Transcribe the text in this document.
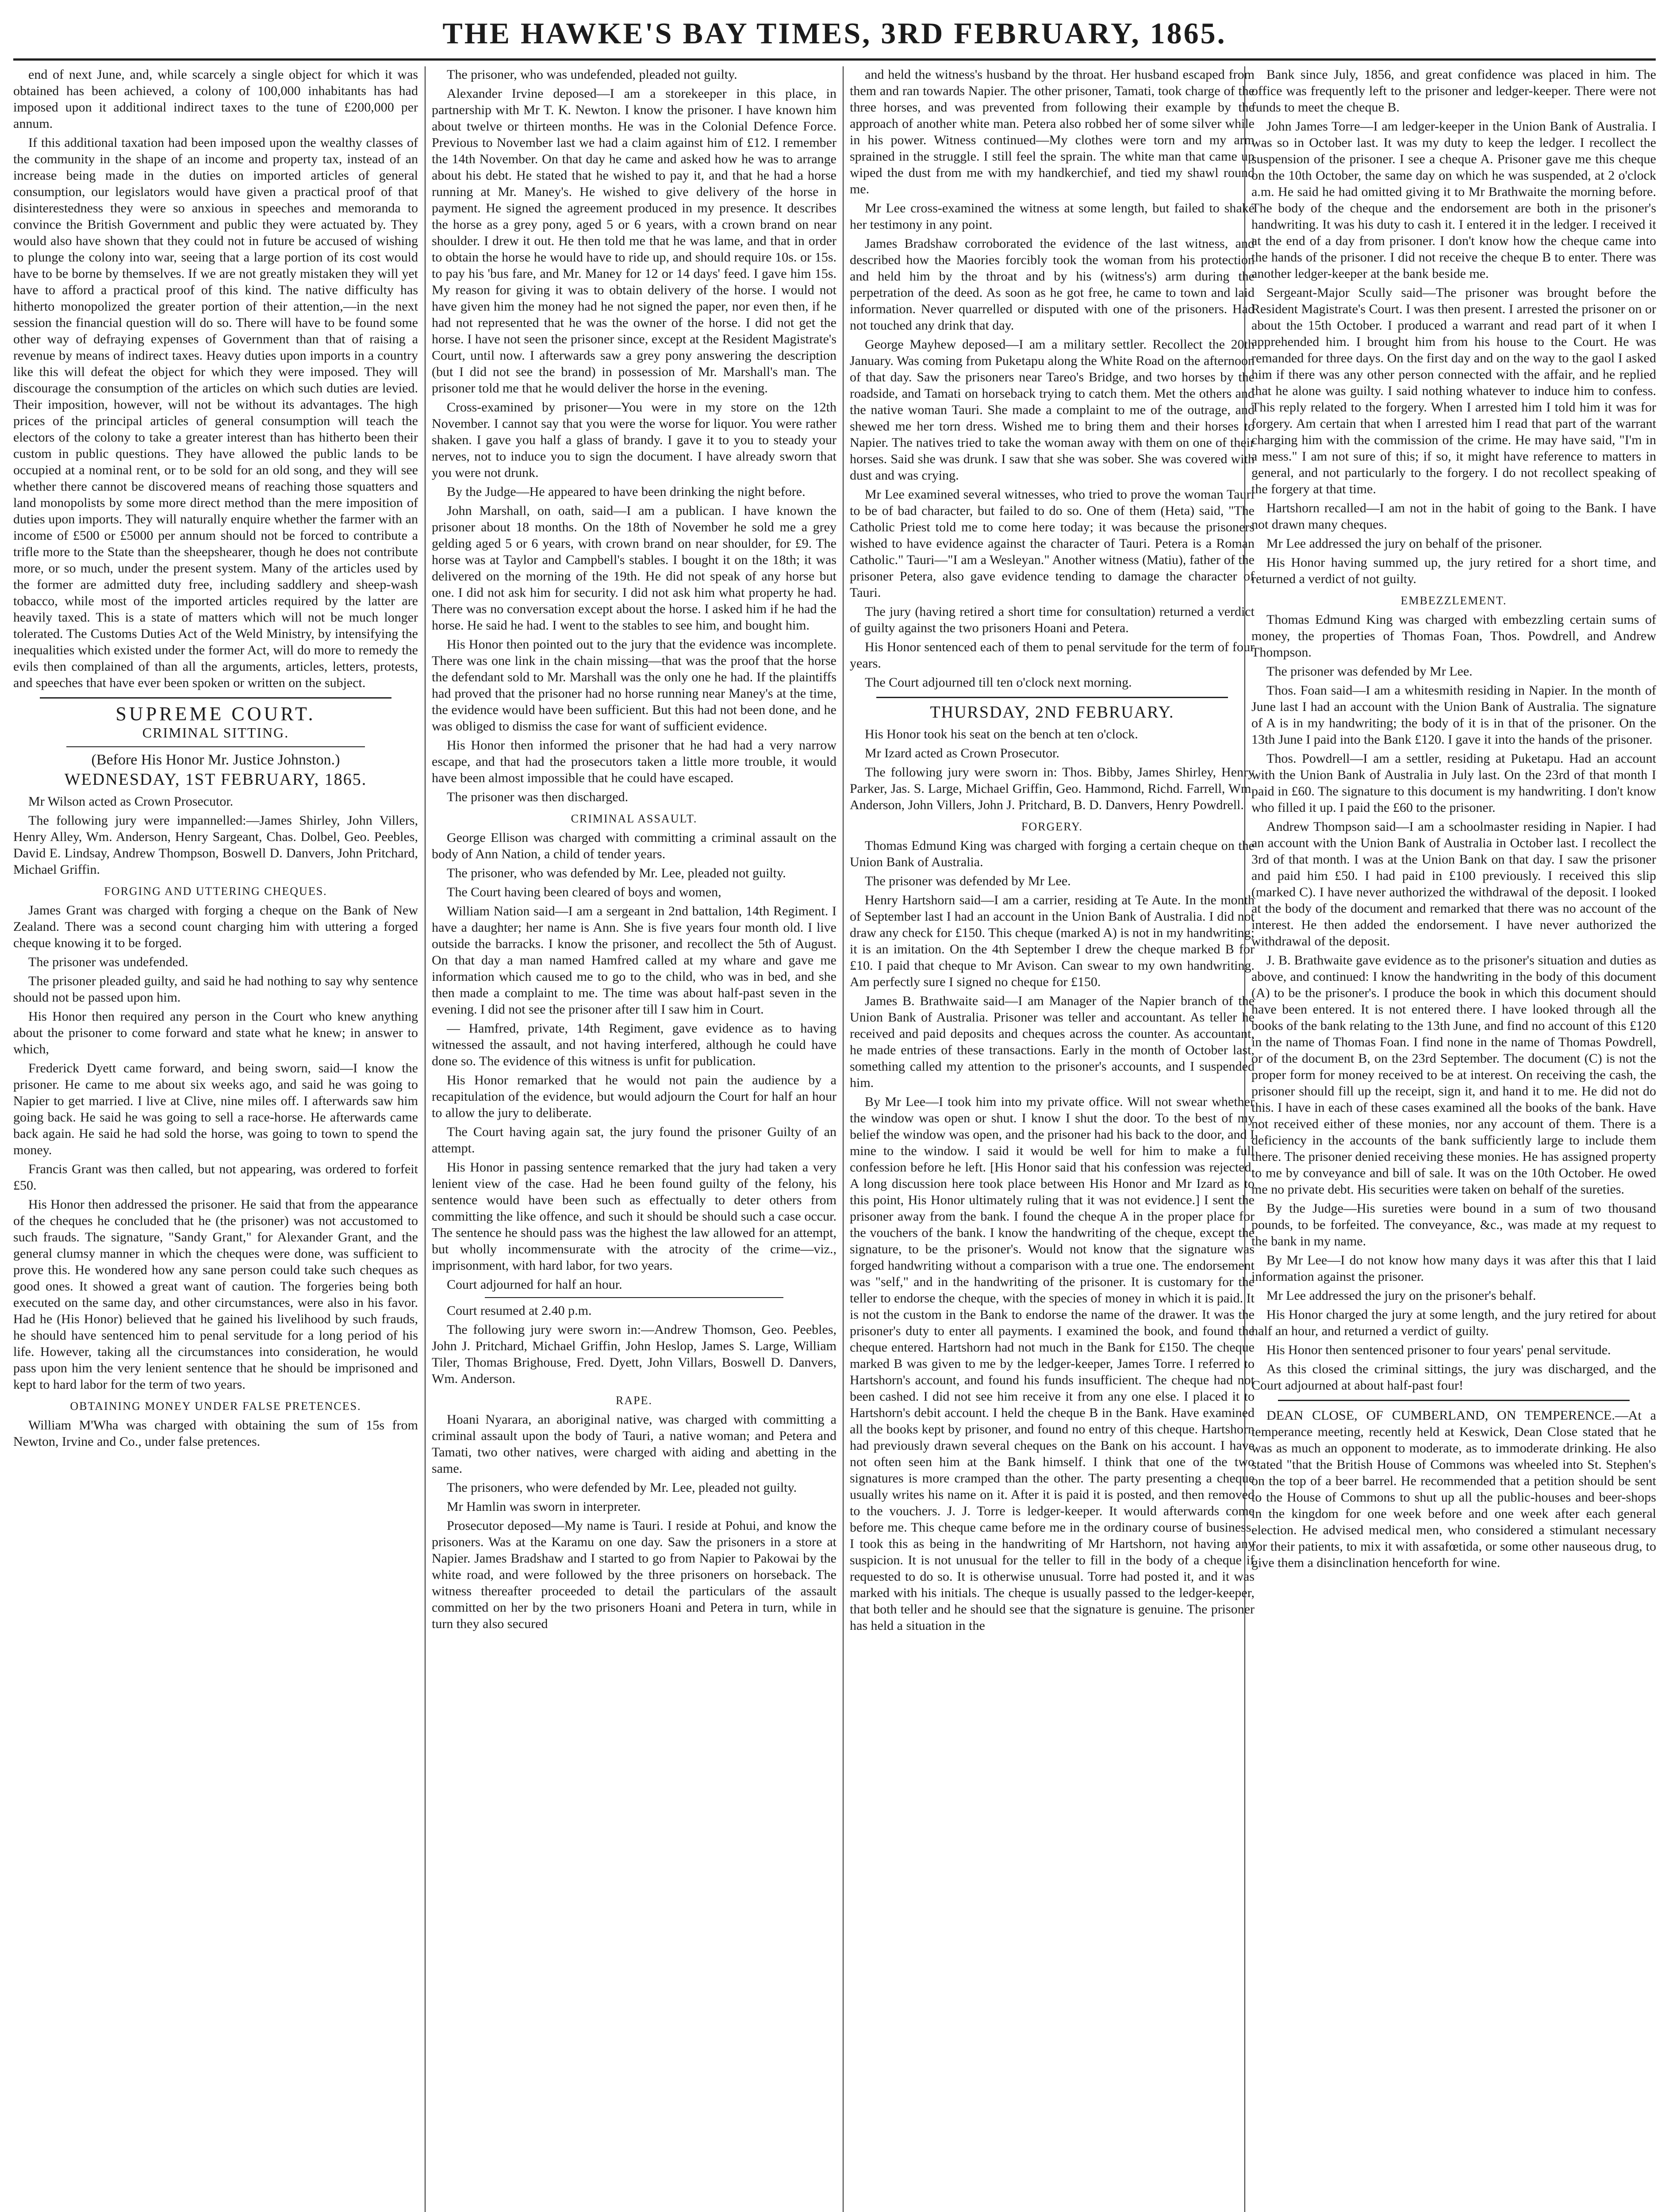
THE HAWKE'S BAY TIMES, 3RD FEBRUARY, 1865.

end of next June, and, while scarcely a single object for which it was obtained has been achieved, a colony of 100,000 inhabitants has had imposed upon it additional indirect taxes to the tune of £200,000 per annum.

If this additional taxation had been imposed upon the wealthy classes of the community in the shape of an income and property tax, instead of an increase being made in the duties on imported articles of general consumption, our legislators would have given a practical proof of that disinterestedness they were so anxious in speeches and memoranda to convince the British Government and public they were actuated by. They would also have shown that they could not in future be accused of wishing to plunge the colony into war, seeing that a large portion of its cost would have to be borne by themselves. If we are not greatly mistaken they will yet have to afford a practical proof of this kind. The native difficulty has hitherto monopolized the greater portion of their attention,—in the next session the financial question will do so. There will have to be found some other way of defraying expenses of Government than that of raising a revenue by means of indirect taxes. Heavy duties upon imports in a country like this will defeat the object for which they were imposed. They will discourage the consumption of the articles on which such duties are levied. Their imposition, however, will not be without its advantages. The high prices of the principal articles of general consumption will teach the electors of the colony to take a greater interest than has hitherto been their custom in public questions. They have allowed the public lands to be occupied at a nominal rent, or to be sold for an old song, and they will see whether there cannot be discovered means of reaching those squatters and land monopolists by some more direct method than the mere imposition of duties upon imports. They will naturally enquire whether the farmer with an income of £500 or £5000 per annum should not be forced to contribute a trifle more to the State than the sheepshearer, though he does not contribute more, or so much, under the present system. Many of the articles used by the former are admitted duty free, including saddlery and sheep-wash tobacco, while most of the imported articles required by the latter are heavily taxed. This is a state of matters which will not be much longer tolerated. The Customs Duties Act of the Weld Ministry, by intensifying the inequalities which existed under the former Act, will do more to remedy the evils then complained of than all the arguments, articles, letters, protests, and speeches that have ever been spoken or written on the subject.

SUPREME COURT.
CRIMINAL SITTING.
(Before His Honor Mr. Justice Johnston.)
WEDNESDAY, 1ST FEBRUARY, 1865.

Mr Wilson acted as Crown Prosecutor.

The following jury were impannelled:—James Shirley, John Villers, Henry Alley, Wm. Anderson, Henry Sargeant, Chas. Dolbel, Geo. Peebles, David E. Lindsay, Andrew Thompson, Boswell D. Danvers, John Pritchard, Michael Griffin.

FORGING AND UTTERING CHEQUES.

James Grant was charged with forging a cheque on the Bank of New Zealand. There was a second count charging him with uttering a forged cheque knowing it to be forged.

The prisoner was undefended.

The prisoner pleaded guilty, and said he had nothing to say why sentence should not be passed upon him.

His Honor then required any person in the Court who knew anything about the prisoner to come forward and state what he knew; in answer to which,

Frederick Dyett came forward, and being sworn, said—I know the prisoner. He came to me about six weeks ago, and said he was going to Napier to get married. I live at Clive, nine miles off. I afterwards saw him going back. He said he was going to sell a race-horse. He afterwards came back again. He said he had sold the horse, was going to town to spend the money.

Francis Grant was then called, but not appearing, was ordered to forfeit £50.

His Honor then addressed the prisoner. He said that from the appearance of the cheques he concluded that he (the prisoner) was not accustomed to such frauds. The signature, "Sandy Grant," for Alexander Grant, and the general clumsy manner in which the cheques were done, was sufficient to prove this. He wondered how any sane person could take such cheques as good ones. It showed a great want of caution. The forgeries being both executed on the same day, and other circumstances, were also in his favor. Had he (His Honor) believed that he gained his livelihood by such frauds, he should have sentenced him to penal servitude for a long period of his life. However, taking all the circumstances into consideration, he would pass upon him the very lenient sentence that he should be imprisoned and kept to hard labor for the term of two years.

OBTAINING MONEY UNDER FALSE PRETENCES.

William M'Wha was charged with obtaining the sum of 15s from Newton, Irvine and Co., under false pretences.

The prisoner, who was undefended, pleaded not guilty.

Alexander Irvine deposed—I am a storekeeper in this place, in partnership with Mr T. K. Newton. I know the prisoner. I have known him about twelve or thirteen months. He was in the Colonial Defence Force. Previous to November last we had a claim against him of £12. I remember the 14th November. On that day he came and asked how he was to arrange about his debt. He stated that he wished to pay it, and that he had a horse running at Mr. Maney's. He wished to give delivery of the horse in payment. He signed the agreement produced in my presence. It describes the horse as a grey pony, aged 5 or 6 years, with a crown brand on near shoulder. I drew it out. He then told me that he was lame, and that in order to obtain the horse he would have to ride up, and should require 10s. or 15s. to pay his 'bus fare, and Mr. Maney for 12 or 14 days' feed. I gave him 15s. My reason for giving it was to obtain delivery of the horse. I would not have given him the money had he not signed the paper, nor even then, if he had not represented that he was the owner of the horse. I did not get the horse. I have not seen the prisoner since, except at the Resident Magistrate's Court, until now. I afterwards saw a grey pony answering the description (but I did not see the brand) in possession of Mr. Marshall's man. The prisoner told me that he would deliver the horse in the evening.

Cross-examined by prisoner—You were in my store on the 12th November. I cannot say that you were the worse for liquor. You were rather shaken. I gave you half a glass of brandy. I gave it to you to steady your nerves, not to induce you to sign the document. I have already sworn that you were not drunk.

By the Judge—He appeared to have been drinking the night before.

John Marshall, on oath, said—I am a publican. I have known the prisoner about 18 months. On the 18th of November he sold me a grey gelding aged 5 or 6 years, with crown brand on near shoulder, for £9. The horse was at Taylor and Campbell's stables. I bought it on the 18th; it was delivered on the morning of the 19th. He did not speak of any horse but one. I did not ask him for security. I did not ask him what property he had. There was no conversation except about the horse. I asked him if he had the horse. He said he had. I went to the stables to see him, and bought him.

His Honor then pointed out to the jury that the evidence was incomplete. There was one link in the chain missing—that was the proof that the horse the defendant sold to Mr. Marshall was the only one he had. If the plaintiffs had proved that the prisoner had no horse running near Maney's at the time, the evidence would have been sufficient. But this had not been done, and he was obliged to dismiss the case for want of sufficient evidence.

His Honor then informed the prisoner that he had had a very narrow escape, and that had the prosecutors taken a little more trouble, it would have been almost impossible that he could have escaped.

The prisoner was then discharged.

CRIMINAL ASSAULT.

George Ellison was charged with committing a criminal assault on the body of Ann Nation, a child of tender years.

The prisoner, who was defended by Mr. Lee, pleaded not guilty.

The Court having been cleared of boys and women,

William Nation said—I am a sergeant in 2nd battalion, 14th Regiment. I have a daughter; her name is Ann. She is five years four month old. I live outside the barracks. I know the prisoner, and recollect the 5th of August. On that day a man named Hamfred called at my whare and gave me information which caused me to go to the child, who was in bed, and she then made a complaint to me. The time was about half-past seven in the evening. I did not see the prisoner after till I saw him in Court.

— Hamfred, private, 14th Regiment, gave evidence as to having witnessed the assault, and not having interfered, although he could have done so. The evidence of this witness is unfit for publication.

His Honor remarked that he would not pain the audience by a recapitulation of the evidence, but would adjourn the Court for half an hour to allow the jury to deliberate.

The Court having again sat, the jury found the prisoner Guilty of an attempt.

His Honor in passing sentence remarked that the jury had taken a very lenient view of the case. Had he been found guilty of the felony, his sentence would have been such as effectually to deter others from committing the like offence, and such it should be should such a case occur. The sentence he should pass was the highest the law allowed for an attempt, but wholly incommensurate with the atrocity of the crime—viz., imprisonment, with hard labor, for two years.

Court adjourned for half an hour.

Court resumed at 2.40 p.m.

The following jury were sworn in:—Andrew Thomson, Geo. Peebles, John J. Pritchard, Michael Griffin, John Heslop, James S. Large, William Tiler, Thomas Brighouse, Fred. Dyett, John Villars, Boswell D. Danvers, Wm. Anderson.

RAPE.

Hoani Nyarara, an aboriginal native, was charged with committing a criminal assault upon the body of Tauri, a native woman; and Petera and Tamati, two other natives, were charged with aiding and abetting in the same.

The prisoners, who were defended by Mr. Lee, pleaded not guilty.

Mr Hamlin was sworn in interpreter.

Prosecutor deposed—My name is Tauri. I reside at Pohui, and know the prisoners. Was at the Karamu on one day. Saw the prisoners in a store at Napier. James Bradshaw and I started to go from Napier to Pakowai by the white road, and were followed by the three prisoners on horseback. The witness thereafter proceeded to detail the particulars of the assault committed on her by the two prisoners Hoani and Petera in turn, while in turn they also secured

and held the witness's husband by the throat. Her husband escaped from them and ran towards Napier. The other prisoner, Tamati, took charge of the three horses, and was prevented from following their example by the approach of another white man. Petera also robbed her of some silver while in his power. Witness continued—My clothes were torn and my arm sprained in the struggle. I still feel the sprain. The white man that came up wiped the dust from me with my handkerchief, and tied my shawl round me.

Mr Lee cross-examined the witness at some length, but failed to shake her testimony in any point.

James Bradshaw corroborated the evidence of the last witness, and described how the Maories forcibly took the woman from his protection and held him by the throat and by his (witness's) arm during the perpetration of the deed. As soon as he got free, he came to town and laid information. Never quarrelled or disputed with one of the prisoners. Had not touched any drink that day.

George Mayhew deposed—I am a military settler. Recollect the 20th January. Was coming from Puketapu along the White Road on the afternoon of that day. Saw the prisoners near Tareo's Bridge, and two horses by the roadside, and Tamati on horseback trying to catch them. Met the others and the native woman Tauri. She made a complaint to me of the outrage, and shewed me her torn dress. Wished me to bring them and their horses to Napier. The natives tried to take the woman away with them on one of their horses. Said she was drunk. I saw that she was sober. She was covered with dust and was crying.

Mr Lee examined several witnesses, who tried to prove the woman Tauri to be of bad character, but failed to do so. One of them (Heta) said, "The Catholic Priest told me to come here today; it was because the prisoners wished to have evidence against the character of Tauri. Petera is a Roman Catholic." Tauri—"I am a Wesleyan." Another witness (Matiu), father of the prisoner Petera, also gave evidence tending to damage the character of Tauri.

The jury (having retired a short time for consultation) returned a verdict of guilty against the two prisoners Hoani and Petera.

His Honor sentenced each of them to penal servitude for the term of four years.

The Court adjourned till ten o'clock next morning.

THURSDAY, 2ND FEBRUARY.

His Honor took his seat on the bench at ten o'clock.

Mr Izard acted as Crown Prosecutor.

The following jury were sworn in: Thos. Bibby, James Shirley, Henry Parker, Jas. S. Large, Michael Griffin, Geo. Hammond, Richd. Farrell, Wm. Anderson, John Villers, John J. Pritchard, B. D. Danvers, Henry Powdrell.

FORGERY.

Thomas Edmund King was charged with forging a certain cheque on the Union Bank of Australia.

The prisoner was defended by Mr Lee.

Henry Hartshorn said—I am a carrier, residing at Te Aute. In the month of September last I had an account in the Union Bank of Australia. I did not draw any check for £150. This cheque (marked A) is not in my handwriting; it is an imitation. On the 4th September I drew the cheque marked B for £10. I paid that cheque to Mr Avison. Can swear to my own handwriting. Am perfectly sure I signed no cheque for £150.

James B. Brathwaite said—I am Manager of the Napier branch of the Union Bank of Australia. Prisoner was teller and accountant. As teller he received and paid deposits and cheques across the counter. As accountant, he made entries of these transactions. Early in the month of October last, something called my attention to the prisoner's accounts, and I suspended him.

By Mr Lee—I took him into my private office. Will not swear whether the window was open or shut. I know I shut the door. To the best of my belief the window was open, and the prisoner had his back to the door, and I mine to the window. I said it would be well for him to make a full confession before he left. [His Honor said that his confession was rejected. A long discussion here took place between His Honor and Mr Izard as to this point, His Honor ultimately ruling that it was not evidence.] I sent the prisoner away from the bank. I found the cheque A in the proper place for the vouchers of the bank. I know the handwriting of the cheque, except the signature, to be the prisoner's. Would not know that the signature was forged handwriting without a comparison with a true one. The endorsement was "self," and in the handwriting of the prisoner. It is customary for the teller to endorse the cheque, with the species of money in which it is paid. It is not the custom in the Bank to endorse the name of the drawer. It was the prisoner's duty to enter all payments. I examined the book, and found the cheque entered. Hartshorn had not much in the Bank for £150. The cheque marked B was given to me by the ledger-keeper, James Torre. I referred to Hartshorn's account, and found his funds insufficient. The cheque had not been cashed. I did not see him receive it from any one else. I placed it to Hartshorn's debit account. I held the cheque B in the Bank. Have examined all the books kept by prisoner, and found no entry of this cheque. Hartshorn had previously drawn several cheques on the Bank on his account. I have not often seen him at the Bank himself. I think that one of the two signatures is more cramped than the other. The party presenting a cheque usually writes his name on it. After it is paid it is posted, and then removed to the vouchers. J. J. Torre is ledger-keeper. It would afterwards come before me. This cheque came before me in the ordinary course of business. I took this as being in the handwriting of Mr Hartshorn, not having any suspicion. It is not unusual for the teller to fill in the body of a cheque if requested to do so. It is otherwise unusual. Torre had posted it, and it was marked with his initials. The cheque is usually passed to the ledger-keeper, that both teller and he should see that the signature is genuine. The prisoner has held a situation in the

Bank since July, 1856, and great confidence was placed in him. The office was frequently left to the prisoner and ledger-keeper. There were not funds to meet the cheque B.

John James Torre—I am ledger-keeper in the Union Bank of Australia. I was so in October last. It was my duty to keep the ledger. I recollect the suspension of the prisoner. I see a cheque A. Prisoner gave me this cheque on the 10th October, the same day on which he was suspended, at 2 o'clock a.m. He said he had omitted giving it to Mr Brathwaite the morning before. The body of the cheque and the endorsement are both in the prisoner's handwriting. It was his duty to cash it. I entered it in the ledger. I received it at the end of a day from prisoner. I don't know how the cheque came into the hands of the prisoner. I did not receive the cheque B to enter. There was another ledger-keeper at the bank beside me.

Sergeant-Major Scully said—The prisoner was brought before the Resident Magistrate's Court. I was then present. I arrested the prisoner on or about the 15th October. I produced a warrant and read part of it when I apprehended him. I brought him from his house to the Court. He was remanded for three days. On the first day and on the way to the gaol I asked him if there was any other person connected with the affair, and he replied that he alone was guilty. I said nothing whatever to induce him to confess. This reply related to the forgery. When I arrested him I told him it was for forgery. Am certain that when I arrested him I read that part of the warrant charging him with the commission of the crime. He may have said, "I'm in a mess." I am not sure of this; if so, it might have reference to matters in general, and not particularly to the forgery. I do not recollect speaking of the forgery at that time.

Hartshorn recalled—I am not in the habit of going to the Bank. I have not drawn many cheques.

Mr Lee addressed the jury on behalf of the prisoner.

His Honor having summed up, the jury retired for a short time, and returned a verdict of not guilty.

EMBEZZLEMENT.

Thomas Edmund King was charged with embezzling certain sums of money, the properties of Thomas Foan, Thos. Powdrell, and Andrew Thompson.

The prisoner was defended by Mr Lee.

Thos. Foan said—I am a whitesmith residing in Napier. In the month of June last I had an account with the Union Bank of Australia. The signature of A is in my handwriting; the body of it is in that of the prisoner. On the 13th June I paid into the Bank £120. I gave it into the hands of the prisoner.

Thos. Powdrell—I am a settler, residing at Puketapu. Had an account with the Union Bank of Australia in July last. On the 23rd of that month I paid in £60. The signature to this document is my handwriting. I don't know who filled it up. I paid the £60 to the prisoner.

Andrew Thompson said—I am a schoolmaster residing in Napier. I had an account with the Union Bank of Australia in October last. I recollect the 3rd of that month. I was at the Union Bank on that day. I saw the prisoner and paid him £50. I had paid in £100 previously. I received this slip (marked C). I have never authorized the withdrawal of the deposit. I looked at the body of the document and remarked that there was no account of the interest. He then added the endorsement. I have never authorized the withdrawal of the deposit.

J. B. Brathwaite gave evidence as to the prisoner's situation and duties as above, and continued: I know the handwriting in the body of this document (A) to be the prisoner's. I produce the book in which this document should have been entered. It is not entered there. I have looked through all the books of the bank relating to the 13th June, and find no account of this £120 in the name of Thomas Foan. I find none in the name of Thomas Powdrell, or of the document B, on the 23rd September. The document (C) is not the proper form for money received to be at interest. On receiving the cash, the prisoner should fill up the receipt, sign it, and hand it to me. He did not do this. I have in each of these cases examined all the books of the bank. Have not received either of these monies, nor any account of them. There is a deficiency in the accounts of the bank sufficiently large to include them there. The prisoner denied receiving these monies. He has assigned property to me by conveyance and bill of sale. It was on the 10th October. He owed me no private debt. His securities were taken on behalf of the sureties.

By the Judge—His sureties were bound in a sum of two thousand pounds, to be forfeited. The conveyance, &c., was made at my request to the bank in my name.

By Mr Lee—I do not know how many days it was after this that I laid information against the prisoner.

Mr Lee addressed the jury on the prisoner's behalf.

His Honor charged the jury at some length, and the jury retired for about half an hour, and returned a verdict of guilty.

His Honor then sentenced prisoner to four years' penal servitude.

As this closed the criminal sittings, the jury was discharged, and the Court adjourned at about half-past four!

DEAN CLOSE, OF CUMBERLAND, ON TEMPERENCE.—At a temperance meeting, recently held at Keswick, Dean Close stated that he was as much an opponent to moderate, as to immoderate drinking. He also stated "that the British House of Commons was wheeled into St. Stephen's on the top of a beer barrel. He recommended that a petition should be sent to the House of Commons to shut up all the public-houses and beer-shops in the kingdom for one week before and one week after each general election. He advised medical men, who considered a stimulant necessary for their patients, to mix it with assafœtida, or some other nauseous drug, to give them a disinclination henceforth for wine.
